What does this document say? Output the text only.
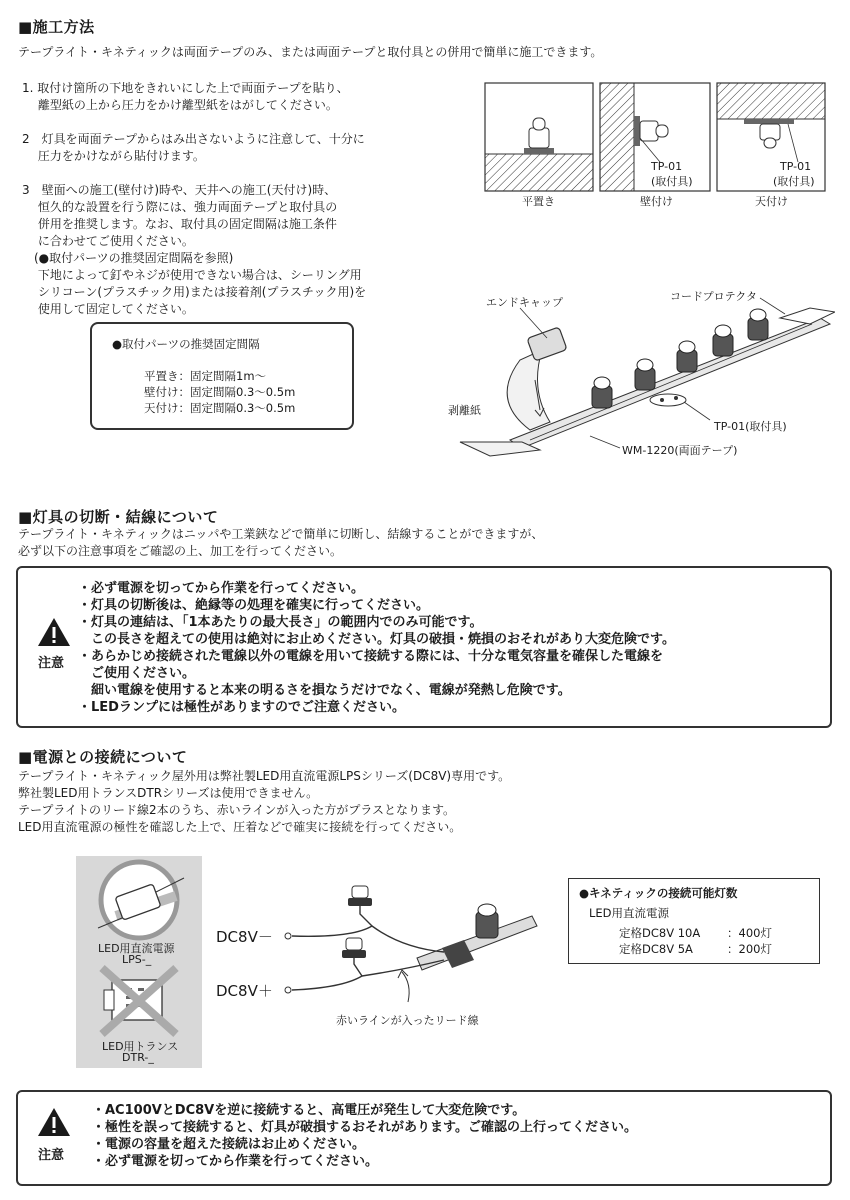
■施工方法
テープライト・キネティックは両面テープのみ、または両面テープと取付具との併用で簡単に施工できます。
1. 取付け箇所の下地をきれいにした上で両面テープを貼り、
　 離型紙の上から圧力をかけ離型紙をはがしてください。
2　灯具を両面テープからはみ出さないように注意して、十分に
　 圧力をかけながら貼付けます。
3　壁面への施工(壁付け)時や、天井への施工(天付け)時、
　 恒久的な設置を行う際には、強力両面テープと取付具の
　 併用を推奨します。なお、取付具の固定間隔は施工条件
　 に合わせてご使用ください。
　(●取付パーツの推奨固定間隔を参照)
　 下地によって釘やネジが使用できない場合は、シーリング用
　 シリコーン(プラスチック用)または接着剤(プラスチック用)を
　 使用して固定してください。
●取付パーツの推奨固定間隔
平置き：固定間隔1m～
壁付け：固定間隔0.3～0.5m
天付け：固定間隔0.3～0.5m
TP-01
(取付具)
TP-01
(取付具)
平置き	壁付け	天付け
エンドキャップ	コードプロテクタ
剥離紙
TP-01(取付具)
WM-1220(両面テープ)
■灯具の切断・結線について
テープライト・キネティックはニッパや工業鋏などで簡単に切断し、結線することができますが、
必ず以下の注意事項をご確認の上、加工を行ってください。
注意
・必ず電源を切ってから作業を行ってください。
・灯具の切断後は、絶縁等の処理を確実に行ってください。
・灯具の連結は、「1本あたりの最大長さ」の範囲内でのみ可能です。
　この長さを超えての使用は絶対にお止めください。灯具の破損・焼損のおそれがあり大変危険です。
・あらかじめ接続された電線以外の電線を用いて接続する際には、十分な電気容量を確保した電線を
　ご使用ください。
　細い電線を使用すると本来の明るさを損なうだけでなく、電線が発熱し危険です。
・LEDランプには極性がありますのでご注意ください。
■電源との接続について
テープライト・キネティック屋外用は弊社製LED用直流電源LPSシリーズ(DC8V)専用です。
弊社製LED用トランスDTRシリーズは使用できません。
テープライトのリード線2本のうち、赤いラインが入った方がプラスとなります。
LED用直流電源の極性を確認した上で、圧着などで確実に接続を行ってください。
LED用直流電源
LPS-_
LED用トランス
DTR-_
DC8V－
DC8V＋
赤いラインが入ったリード線
●キネティックの接続可能灯数
LED用直流電源
定格DC8V 10A ：400灯
定格DC8V 5A	：200灯
注意
・AC100VとDC8Vを逆に接続すると、高電圧が発生して大変危険です。
・極性を誤って接続すると、灯具が破損するおそれがあります。ご確認の上行ってください。
・電源の容量を超えた接続はお止めください。
・必ず電源を切ってから作業を行ってください。
